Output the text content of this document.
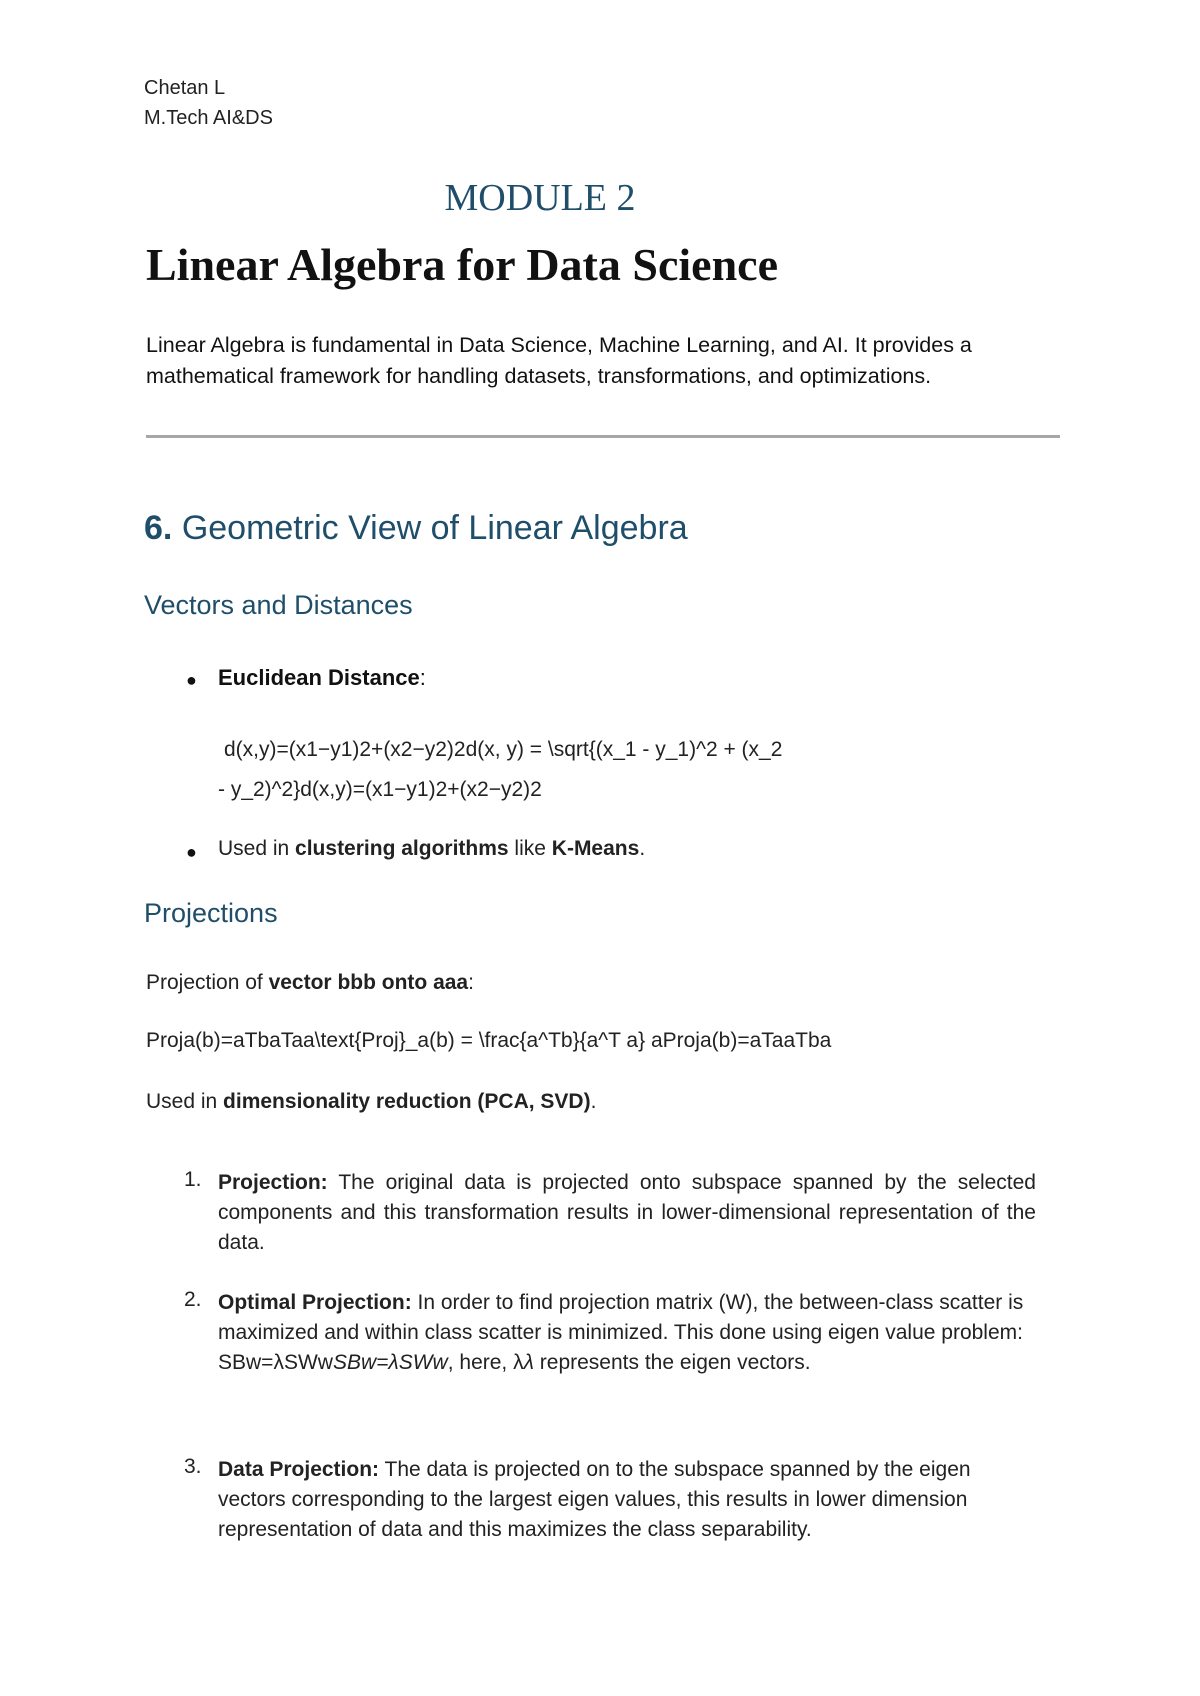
Chetan L
M.Tech AI&DS
MODULE 2
Linear Algebra for Data Science
Linear Algebra is fundamental in Data Science, Machine Learning, and AI. It provides a
mathematical framework for handling datasets, transformations, and optimizations.
6. Geometric View of Linear Algebra
Vectors and Distances
● Euclidean Distance:
d(x,y)=(x1−y1)2+(x2−y2)2d(x, y) = \sqrt{(x_1 - y_1)^2 + (x_2
- y_2)^2}d(x,y)=(x1−y1)2+(x2−y2)2
● Used in clustering algorithms like K-Means.
Projections
Projection of vector bbb onto aaa:
Proja(b)=aTbaTaa\text{Proj}_a(b) = \frac{a^Tb}{a^T a} aProja(b)=aTaaTba
Used in dimensionality reduction (PCA, SVD).
1. Projection: The original data is projected onto subspace spanned by the selected components and this transformation results in lower-dimensional representation of the data.
2. Optimal Projection: In order to find projection matrix (W), the between-class scatter is maximized and within class scatter is minimized. This done using eigen value problem: SBw=λSWwSBw=λSWw, here, λλ represents the eigen vectors.
3. Data Projection: The data is projected on to the subspace spanned by the eigen vectors corresponding to the largest eigen values, this results in lower dimension representation of data and this maximizes the class separability.
